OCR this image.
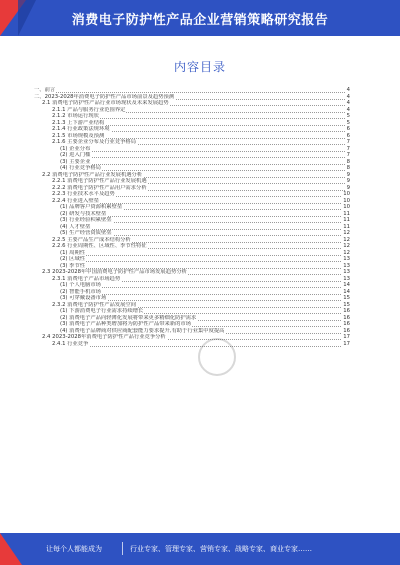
消费电子防护性产品企业营销策略研究报告
内容目录
一、前言	4
二、2023-2028年消费电子防护性产品市场前景及趋势预测	4
2.1 消费电子防护性产品行业市场现状及未来发展趋势	4
2.1.1 产品与服务行业范围界定	4
2.1.2 市场运行现状	5
2.1.3 上下游产业结构	5
2.1.4 行业政策法规环境	6
2.1.5 市场规模及预测	6
2.1.6 主要企业分布及行业竞争格局	7
(1) 企业分布	7
(2) 进入门槛	7
(3) 主要企业	8
(4) 行业竞争格局	8
2.2 消费电子防护性产品行业发展机遇分析	9
2.2.1 消费电子防护性产品行业发展机遇	9
2.2.2 消费电子防护性产品用户需求分析	9
2.2.3 行业技术水平及趋势	10
2.2.4 行业进入壁垒	10
(1) 品牌客户资源积累壁垒	10
(2) 研发与技术壁垒	11
(3) 行业经验积累壁垒	11
(4) 人才壁垒	11
(5) 生产经营资质壁垒	12
2.2.5 主要产品生产成本结构分析	12
2.2.6 行业周期性、区域性、季节性特征	12
(1) 周期性	12
(2) 区域性	13
(3) 季节性	13
2.3 2023-2028年中国消费电子防护性产品市场发展趋势分析	13
2.3.1 消费电子产品市场趋势	13
(1) 个人电脑市场	14
(2) 智能手机市场	14
(3) 可穿戴设备市场	15
2.3.2 消费电子防护性产品发展空间	15
(1) 下游消费电子行业需求持续增长	16
(2) 消费电子产品向轻薄化发展将带来更多精细化防护需求	16
(3) 消费电子产品种类增加将为防护性产品带来新的市场	16
(4) 消费电子品牌商对供应商配套能力要求提升,有助于行业集中度提高	16
2.4 2023-2028年消费电子防护性产品行业竞争分析	17
2.4.1 行业竞争	17
让每个人都能成为	行业专家、管理专家、营销专家、战略专家、商业专家……
